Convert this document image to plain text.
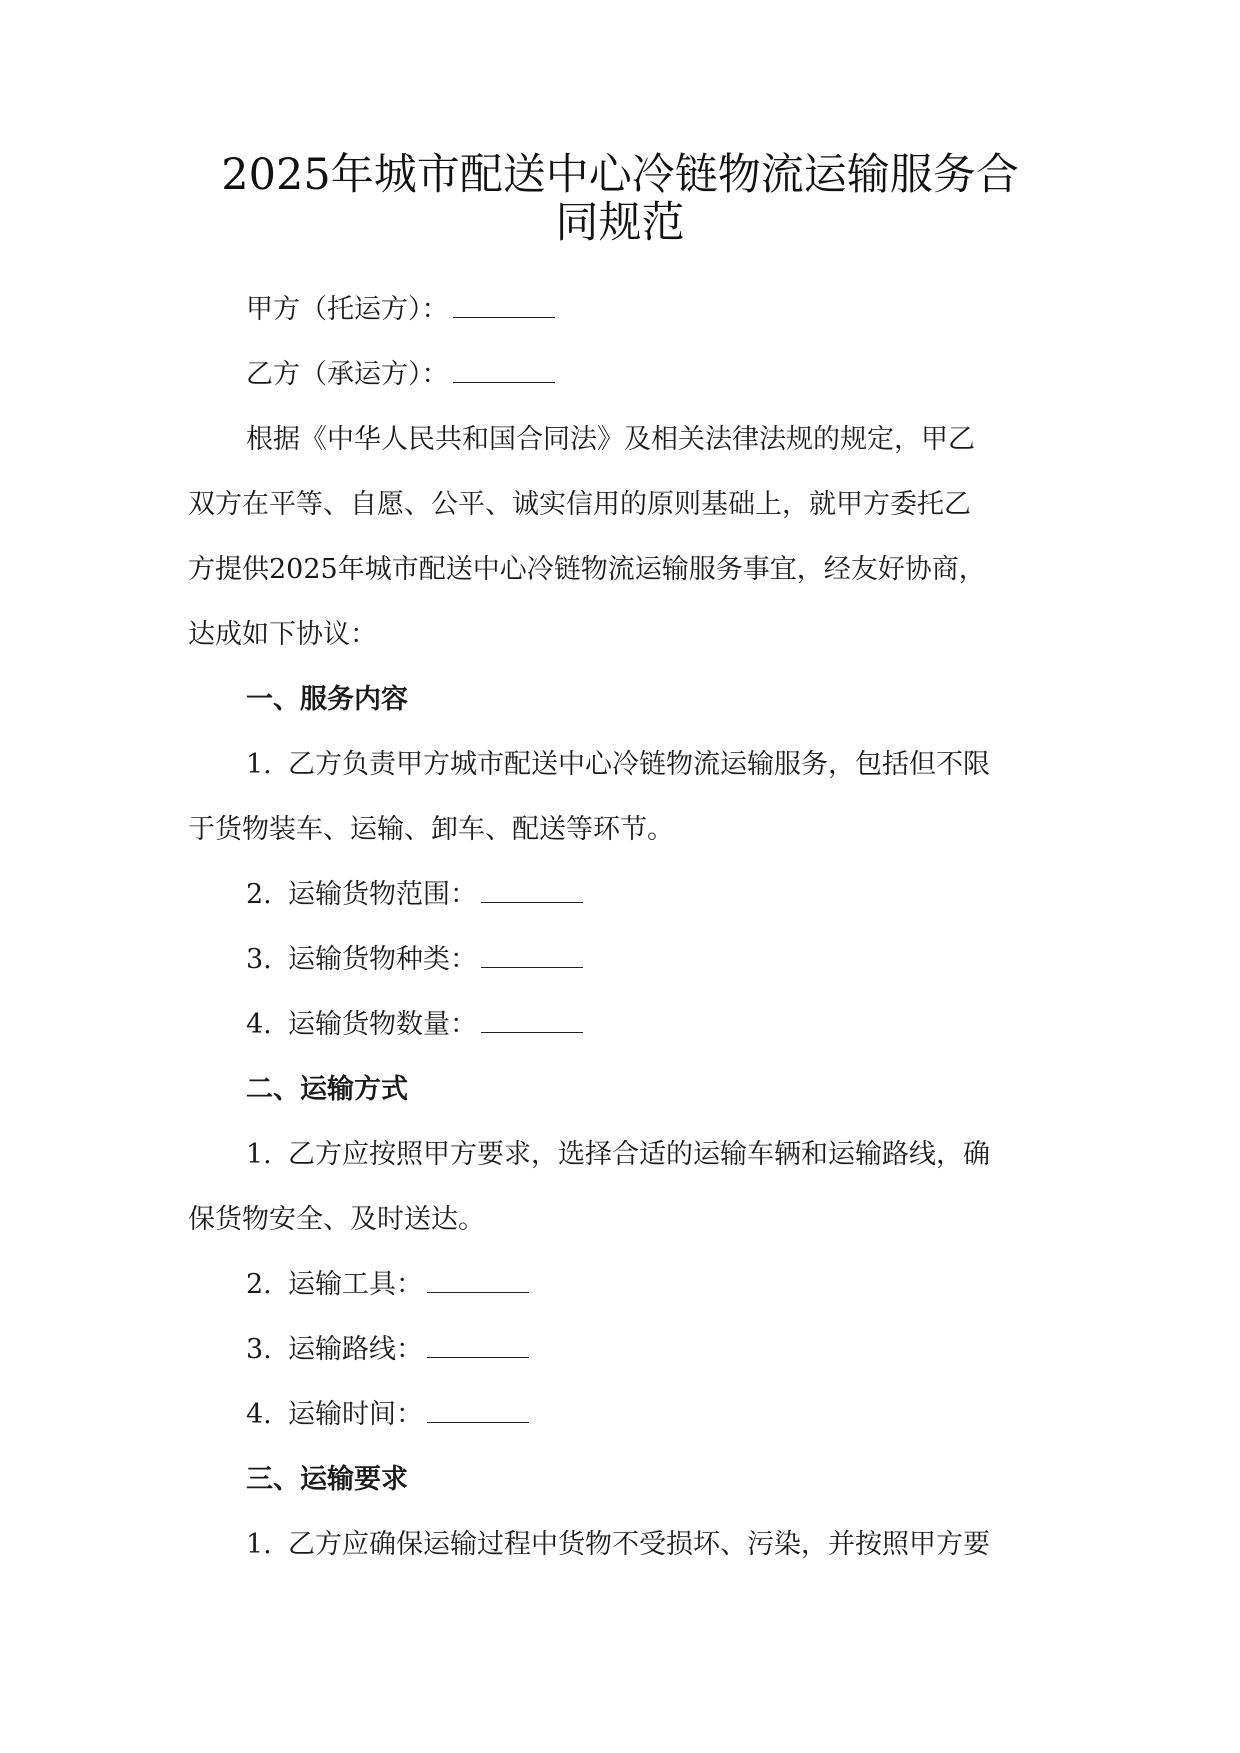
2025年城市配送中心冷链物流运输服务合
同规范
甲方（托运方）：
乙方（承运方）：
根据《中华人民共和国合同法》及相关法律法规的规定，甲乙
双方在平等、自愿、公平、诚实信用的原则基础上，就甲方委托乙
方提供2025年城市配送中心冷链物流运输服务事宜，经友好协商，
达成如下协议：
一、服务内容
1. 乙方负责甲方城市配送中心冷链物流运输服务，包括但不限
于货物装车、运输、卸车、配送等环节。
2. 运输货物范围：
3. 运输货物种类：
4. 运输货物数量：
二、运输方式
1. 乙方应按照甲方要求，选择合适的运输车辆和运输路线，确
保货物安全、及时送达。
2. 运输工具：
3. 运输路线：
4. 运输时间：
三、运输要求
1. 乙方应确保运输过程中货物不受损坏、污染，并按照甲方要
